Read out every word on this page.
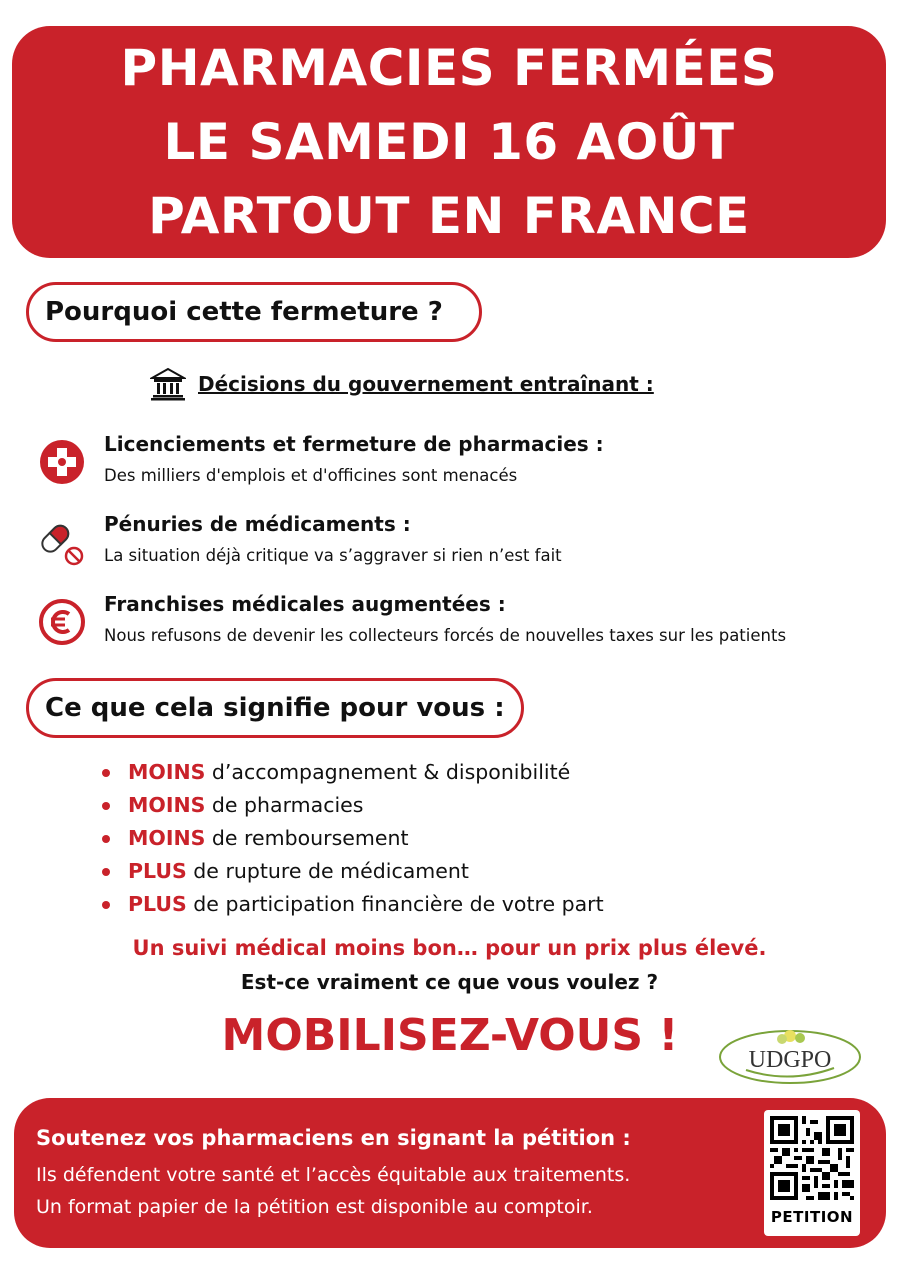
PHARMACIES FERMÉES
LE SAMEDI 16 AOÛT
PARTOUT EN FRANCE
Pourquoi cette fermeture ?
Décisions du gouvernement entraînant :
Licenciements et fermeture de pharmacies :
Des milliers d'emplois et d'officines sont menacés
Pénuries de médicaments :
La situation déjà critique va s’aggraver si rien n’est fait
Franchises médicales augmentées :
Nous refusons de devenir les collecteurs forcés de nouvelles taxes sur les patients
Ce que cela signifie pour vous :
MOINS d’accompagnement & disponibilité
MOINS de pharmacies
MOINS de remboursement
PLUS de rupture de médicament
PLUS de participation financière de votre part
Un suivi médical moins bon… pour un prix plus élevé.
Est-ce vraiment ce que vous voulez ?
MOBILISEZ-VOUS !	UDGPO
Soutenez vos pharmaciens en signant la pétition :
Ils défendent votre santé et l’accès équitable aux traitements.
Un format papier de la pétition est disponible au comptoir.	PETITION
